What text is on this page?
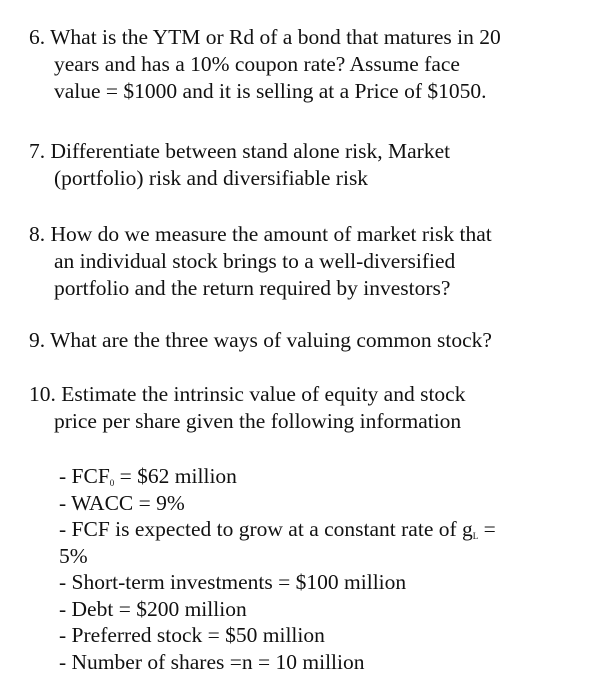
6. What is the YTM or Rd of a bond that matures in 20
years and has a 10% coupon rate? Assume face
value = $1000 and it is selling at a Price of $1050.
7. Differentiate between stand alone risk, Market
(portfolio) risk and diversifiable risk
8. How do we measure the amount of market risk that
an individual stock brings to a well-diversified
portfolio and the return required by investors?
9. What are the three ways of valuing common stock?
10. Estimate the intrinsic value of equity and stock
price per share given the following information
- $FCF_0$ = $62 million
- WACC = 9%
- FCF is expected to grow at a constant rate of $g_L$ =
5%
- Short-term investments = $100 million
- Debt = $200 million
- Preferred stock = $50 million
- Number of shares =n = 10 million
